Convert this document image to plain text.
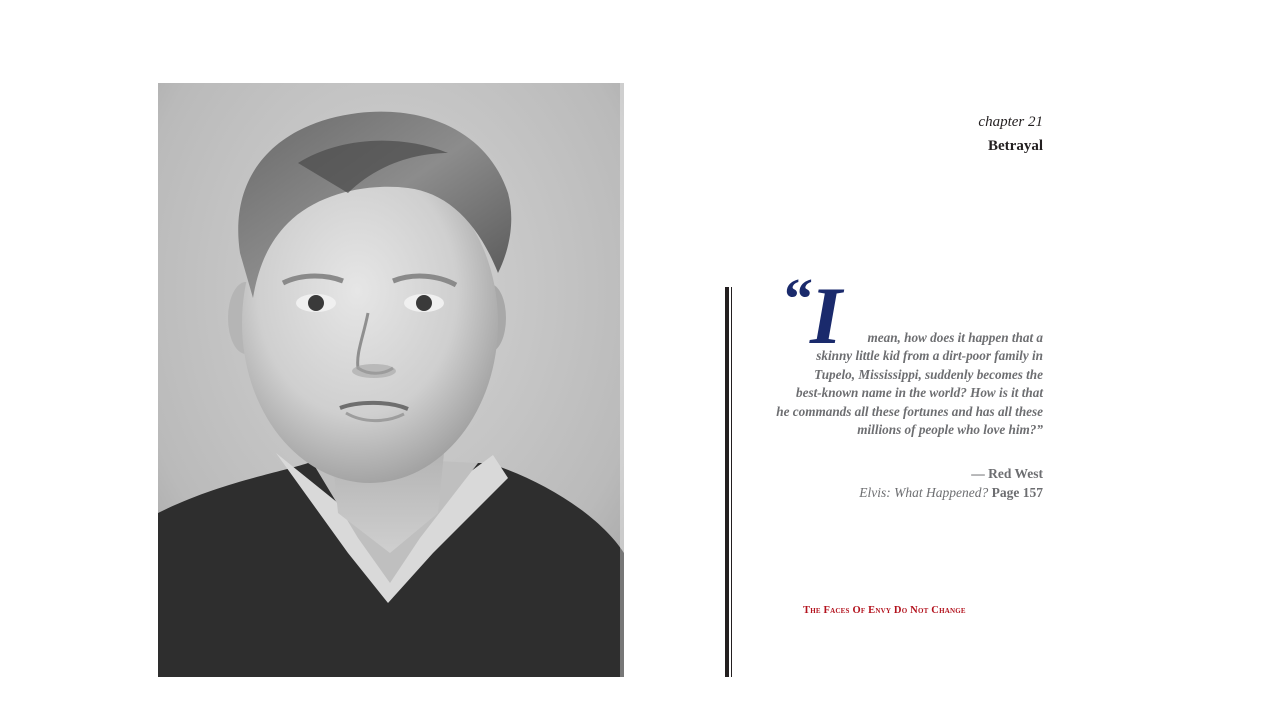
chapter 21
Betrayal
“
I	mean, how does it happen that a
skinny little kid from a dirt-poor family in
Tupelo, Mississippi, suddenly becomes the
best-known name in the world? How is it that
he commands all these fortunes and has all these
millions of people who love him?”
— Red West
Elvis: What Happened? Page 157
The Faces Of Envy Do Not Change
